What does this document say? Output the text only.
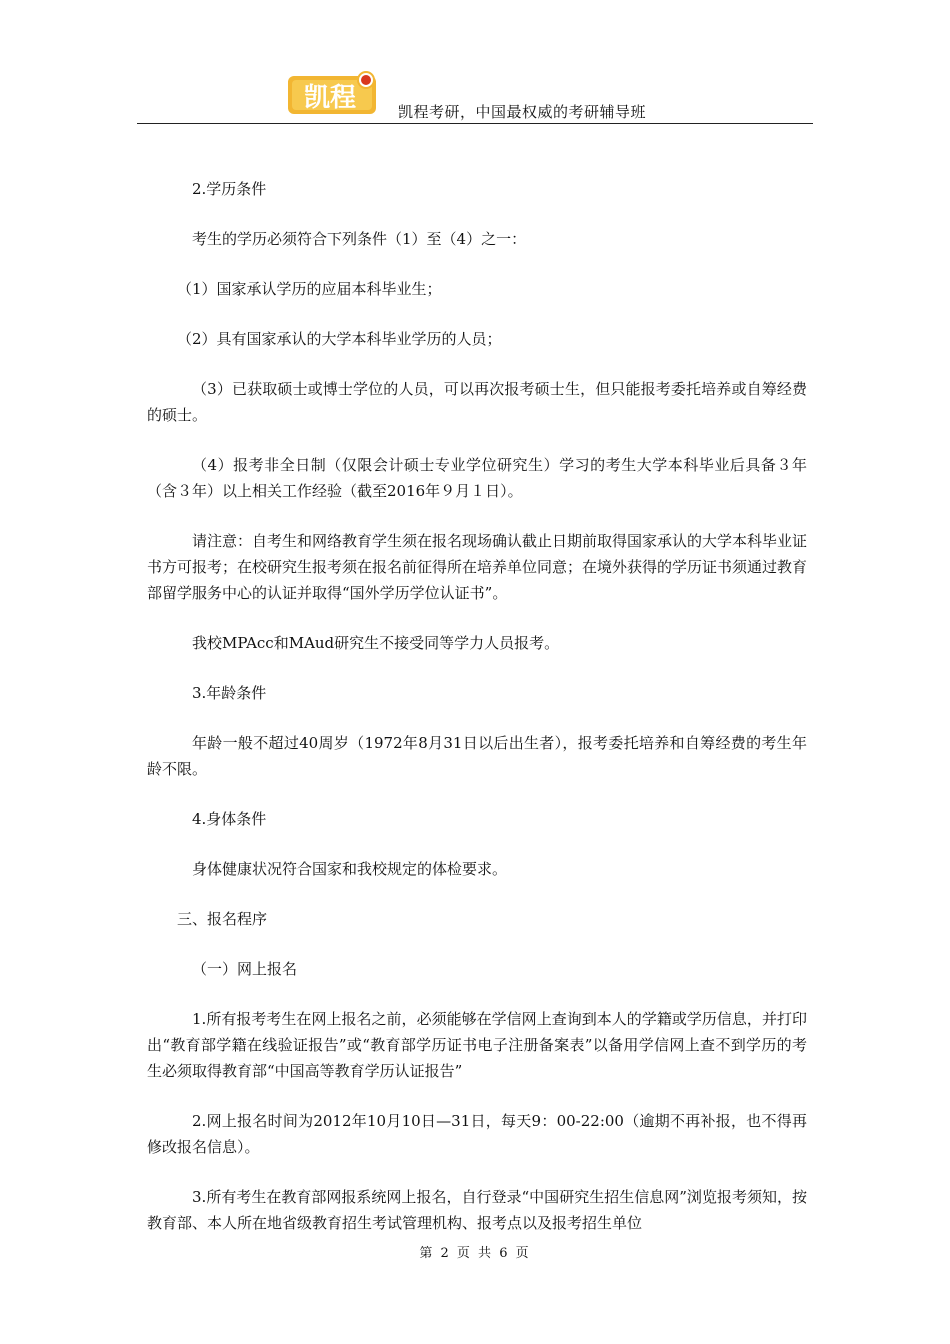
凯程	凯程考研，中国最权威的考研辅导班

2.学历条件

考生的学历必须符合下列条件（1）至（4）之一：

（1）国家承认学历的应届本科毕业生；

（2）具有国家承认的大学本科毕业学历的人员；

（3）已获取硕士或博士学位的人员，可以再次报考硕士生，但只能报考委托培养或自筹经费的硕士。

（4）报考非全日制（仅限会计硕士专业学位研究生）学习的考生大学本科毕业后具备３年（含３年）以上相关工作经验（截至2016年９月１日）。

请注意：自考生和网络教育学生须在报名现场确认截止日期前取得国家承认的大学本科毕业证书方可报考；在校研究生报考须在报名前征得所在培养单位同意；在境外获得的学历证书须通过教育部留学服务中心的认证并取得“国外学历学位认证书”。

我校MPAcc和MAud研究生不接受同等学力人员报考。

3.年龄条件

年龄一般不超过40周岁（1972年8月31日以后出生者），报考委托培养和自筹经费的考生年龄不限。

4.身体条件

身体健康状况符合国家和我校规定的体检要求。

三、报名程序

（一）网上报名

1.所有报考考生在网上报名之前，必须能够在学信网上查询到本人的学籍或学历信息，并打印出“教育部学籍在线验证报告”或“教育部学历证书电子注册备案表”以备用学信网上查不到学历的考生必须取得教育部“中国高等教育学历认证报告”

2.网上报名时间为2012年10月10日—31日，每天9：00-22:00（逾期不再补报，也不得再修改报名信息）。

3.所有考生在教育部网报系统网上报名，自行登录“中国研究生招生信息网”浏览报考须知，按教育部、本人所在地省级教育招生考试管理机构、报考点以及报考招生单位

第 2 页 共 6 页
